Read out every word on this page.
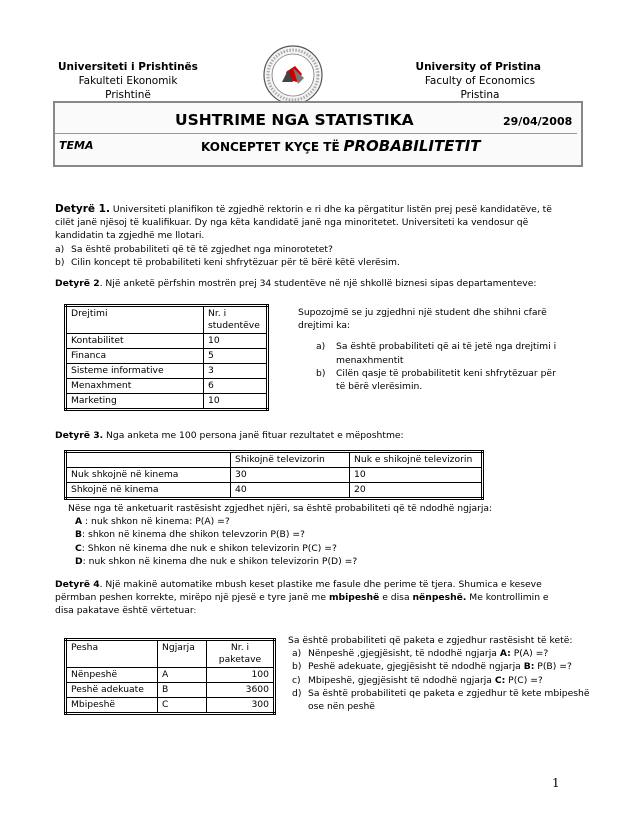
Universiteti i Prishtinës
Fakulteti Ekonomik
Prishtinë
University of Pristina
Faculty of Economics
Pristina
USHTRIME NGA STATISTIKA	29/04/2008
TEMA	KONCEPTET KYÇE TË PROBABILITETIT
Detyrë 1. Universiteti planifikon të zgjedhë rektorin e ri dhe ka përgatitur listën prej pesë kandidatëve, të cilët janë njësoj të kualifikuar. Dy nga këta kandidatë janë nga minoritetet. Universiteti ka vendosur që kandidatin ta zgjedhë me llotari.
a) Sa është probabiliteti që të të zgjedhet nga minorotetet?
b) Cilin koncept të probabiliteti keni shfrytëzuar për të bërë këtë vlerësim.
Detyrë 2. Një anketë përfshin mostrën prej 34 studentëve në një shkollë biznesi sipas departamenteve:
Drejtimi	Nr. i studentëve
Kontabilitet	10
Financa	5
Sisteme informative	3
Menaxhment	6
Marketing	10
Supozojmë se ju zgjedhni një student dhe shihni cfarë drejtimi ka:
a)	Sa është probabiliteti që ai të jetë nga drejtimi i menaxhmentit
b)	Cilën qasje të probabilitetit keni shfrytëzuar për të bërë vlerësimin.
Detyrë 3. Nga anketa me 100 persona janë fituar rezultatet e mëposhtme:
	Shikojnë televizorin	Nuk e shikojnë televizorin
Nuk shkojnë në kinema	30	10
Shkojnë në kinema	40	20
Nëse nga të anketuarit rastësisht zgjedhet njëri, sa është probabiliteti që të ndodhë ngjarja:
A : nuk shkon në kinema: P(A) =?
B: shkon në kinema dhe shikon televzorin P(B) =?
C: Shkon në kinema dhe nuk e shikon televizorin P(C) =?
D: nuk shkon në kinema dhe nuk e shikon televizorin P(D) =?
Detyrë 4. Një makinë automatike mbush keset plastike me fasule dhe perime të tjera. Shumica e keseve përmban peshen korrekte, mirëpo një pjesë e tyre janë me mbipeshë e disa nënpeshë. Me kontrollimin e disa pakatave është vërtetuar:
Pesha	Ngjarja	Nr. i paketave
Nënpeshë	A	100
Peshë adekuate	B	3600
Mbipeshë	C	300
Sa është probabiliteti që paketa e zgjedhur rastësisht të ketë:
a) Nënpeshë ,gjegjësisht, të ndodhë ngjarja A: P(A) =?
b) Peshë adekuate, gjegjësisht të ndodhë ngjarja B: P(B) =?
c) Mbipeshë, gjegjësisht të ndodhë ngjarja C: P(C) =?
d) Sa është probabiliteti qe paketa e zgjedhur të kete mbipeshë ose nën peshë
1
